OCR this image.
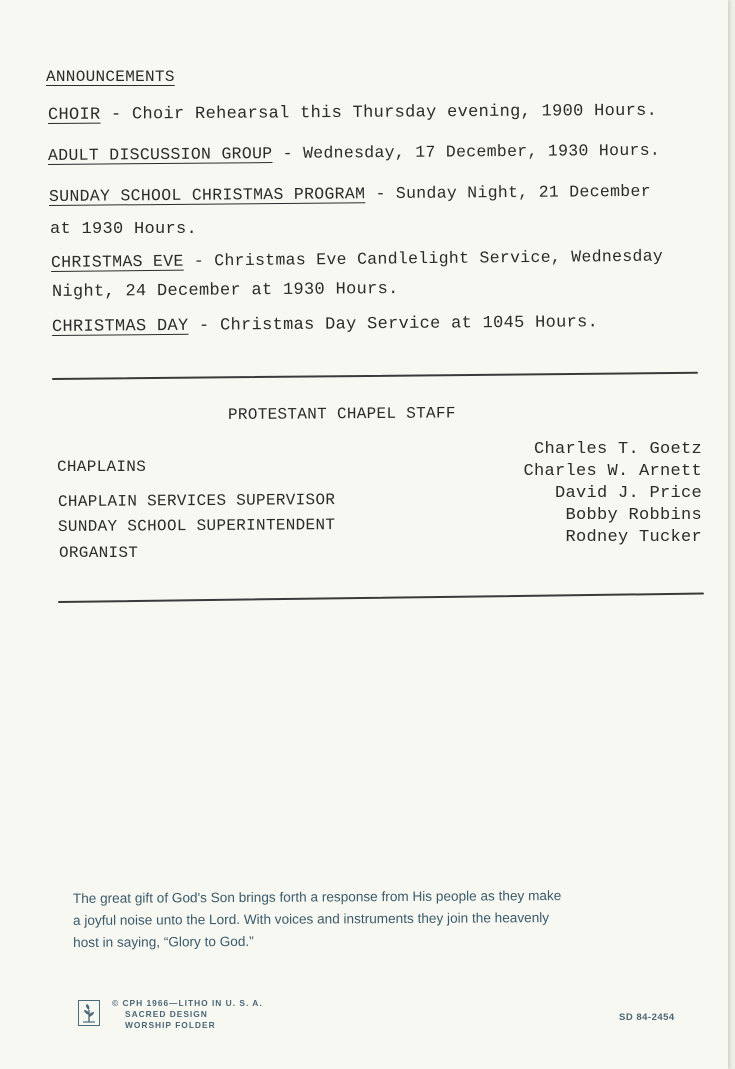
ANNOUNCEMENTS
CHOIR - Choir Rehearsal this Thursday evening, 1900 Hours.
ADULT DISCUSSION GROUP - Wednesday, 17 December, 1930 Hours.
SUNDAY SCHOOL CHRISTMAS PROGRAM - Sunday Night, 21 December
at 1930 Hours.
CHRISTMAS EVE - Christmas Eve Candlelight Service, Wednesday
Night, 24 December at 1930 Hours.
CHRISTMAS DAY - Christmas Day Service at 1045 Hours.
PROTESTANT CHAPEL STAFF
CHAPLAINS
CHAPLAIN SERVICES SUPERVISOR
SUNDAY SCHOOL SUPERINTENDENT
ORGANIST
Charles T. Goetz
Charles W. Arnett
David J. Price
Bobby Robbins
Rodney Tucker
The great gift of God's Son brings forth a response from His people as they make
a joyful noise unto the Lord. With voices and instruments they join the heavenly
host in saying, “Glory to God.”
© CPH 1966—LITHO IN U. S. A.
SACRED DESIGN
WORSHIP FOLDER
SD 84-2454
